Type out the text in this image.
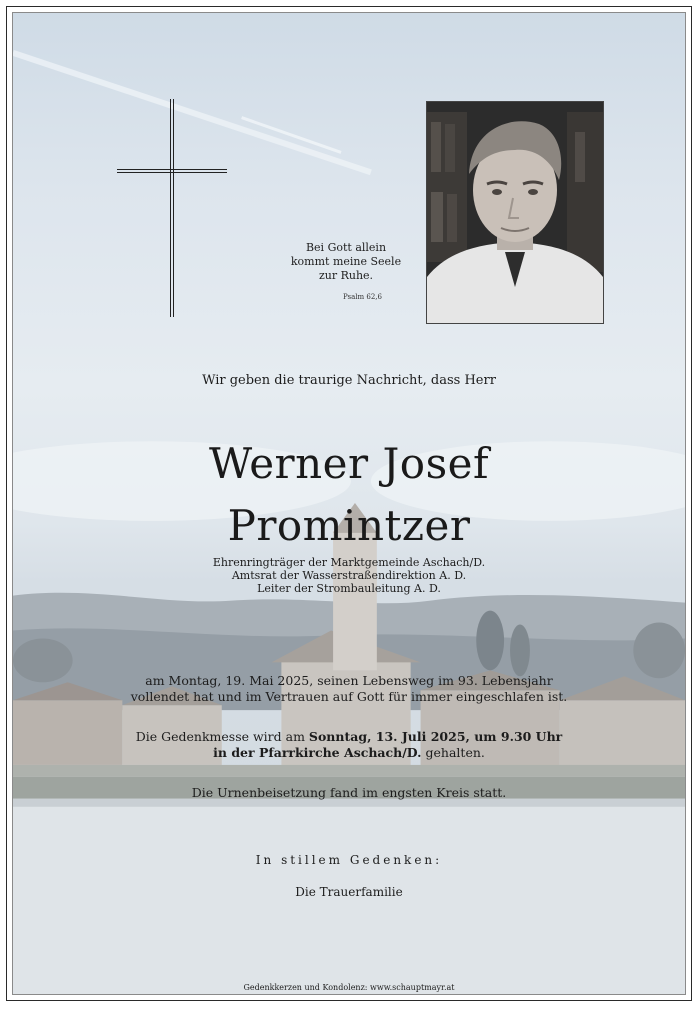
Bei Gott allein
kommt meine Seele
zur Ruhe.
Psalm 62,6
Wir geben die traurige Nachricht, dass Herr
Werner Josef
Promintzer
Ehrenringträger der Marktgemeinde Aschach/D.
Amtsrat der Wasserstraßendirektion A. D.
Leiter der Strombauleitung A. D.
am Montag, 19. Mai 2025, seinen Lebensweg im 93. Lebensjahr
vollendet hat und im Vertrauen auf Gott für immer eingeschlafen ist.
Die Gedenkmesse wird am Sonntag, 13. Juli 2025, um 9.30 Uhr
in der Pfarrkirche Aschach/D. gehalten.
Die Urnenbeisetzung fand im engsten Kreis statt.
In stillem Gedenken:
Die Trauerfamilie
Gedenkkerzen und Kondolenz: www.schauptmayr.at
